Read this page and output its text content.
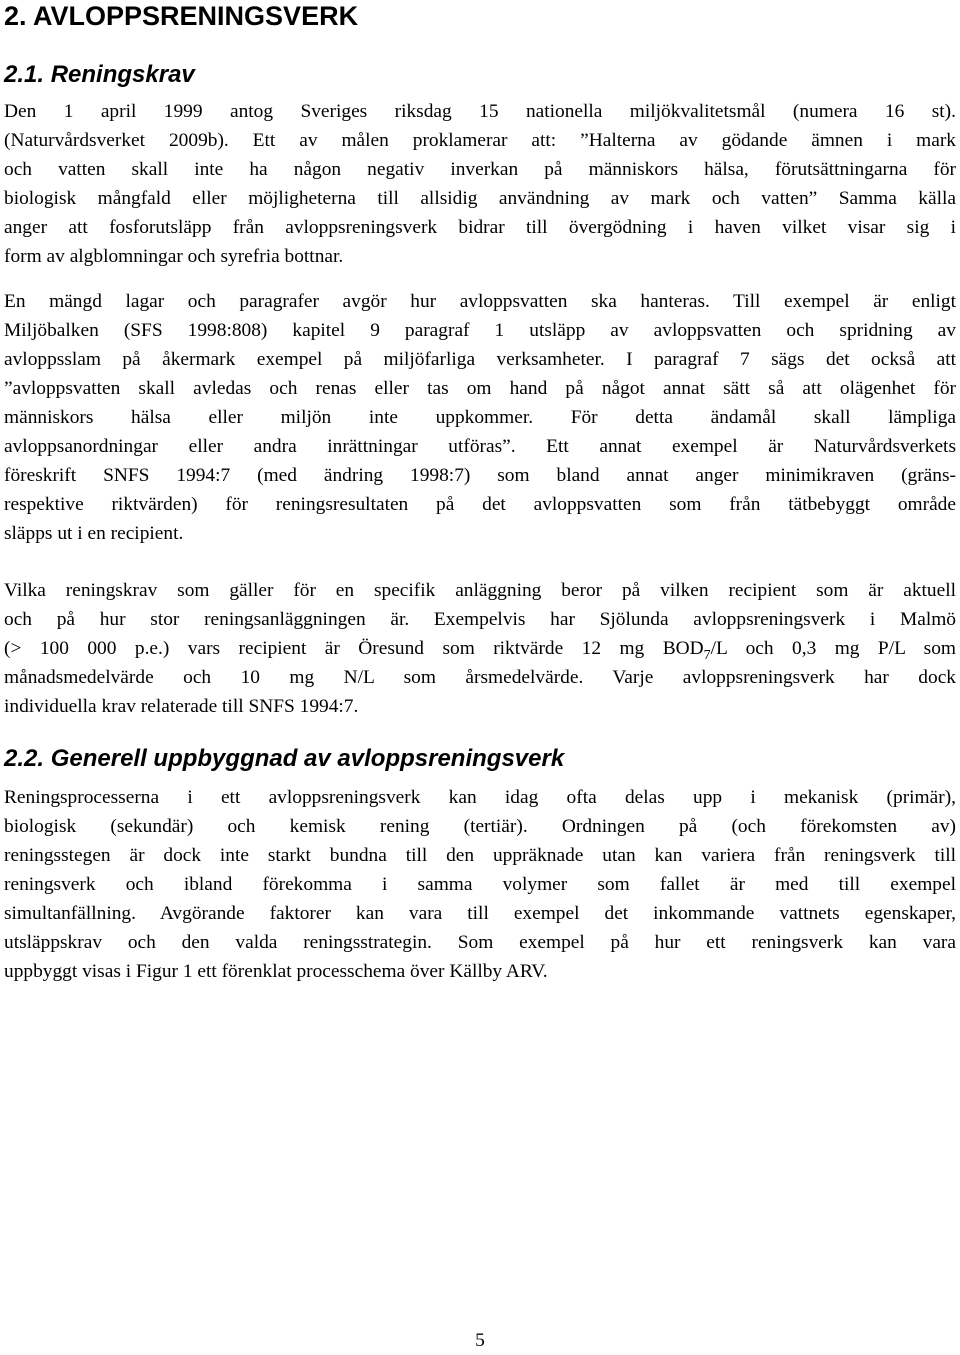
2. AVLOPPSRENINGSVERK
2.1. Reningskrav
Den 1 april 1999 antog Sveriges riksdag 15 nationella miljökvalitetsmål (numera 16 st).
(Naturvårdsverket 2009b). Ett av målen proklamerar att: ”Halterna av gödande ämnen i mark
och vatten skall inte ha någon negativ inverkan på människors hälsa, förutsättningarna för
biologisk mångfald eller möjligheterna till allsidig användning av mark och vatten” Samma källa
anger att fosforutsläpp från avloppsreningsverk bidrar till övergödning i haven vilket visar sig i
form av algblomningar och syrefria bottnar.
En mängd lagar och paragrafer avgör hur avloppsvatten ska hanteras. Till exempel är enligt
Miljöbalken (SFS 1998:808) kapitel 9 paragraf 1 utsläpp av avloppsvatten och spridning av
avloppsslam på åkermark exempel på miljöfarliga verksamheter. I paragraf 7 sägs det också att
”avloppsvatten skall avledas och renas eller tas om hand på något annat sätt så att olägenhet för
människors hälsa eller miljön inte uppkommer. För detta ändamål skall lämpliga
avloppsanordningar eller andra inrättningar utföras”. Ett annat exempel är Naturvårdsverkets
föreskrift SNFS 1994:7 (med ändring 1998:7) som bland annat anger minimikraven (gräns-
respektive riktvärden) för reningsresultaten på det avloppsvatten som från tätbebyggt område
släpps ut i en recipient.
Vilka reningskrav som gäller för en specifik anläggning beror på vilken recipient som är aktuell
och på hur stor reningsanläggningen är. Exempelvis har Sjölunda avloppsreningsverk i Malmö
(> 100 000 p.e.) vars recipient är Öresund som riktvärde 12 mg $BOD_7/L$ och 0,3 mg P/L som
månadsmedelvärde och 10 mg N/L som årsmedelvärde. Varje avloppsreningsverk har dock
individuella krav relaterade till SNFS 1994:7.
2.2. Generell uppbyggnad av avloppsreningsverk
Reningsprocesserna i ett avloppsreningsverk kan idag ofta delas upp i mekanisk (primär),
biologisk (sekundär) och kemisk rening (tertiär). Ordningen på (och förekomsten av)
reningsstegen är dock inte starkt bundna till den uppräknade utan kan variera från reningsverk till
reningsverk och ibland förekomma i samma volymer som fallet är med till exempel
simultanfällning. Avgörande faktorer kan vara till exempel det inkommande vattnets egenskaper,
utsläppskrav och den valda reningsstrategin. Som exempel på hur ett reningsverk kan vara
uppbyggt visas i Figur 1 ett förenklat processchema över Källby ARV.
5
